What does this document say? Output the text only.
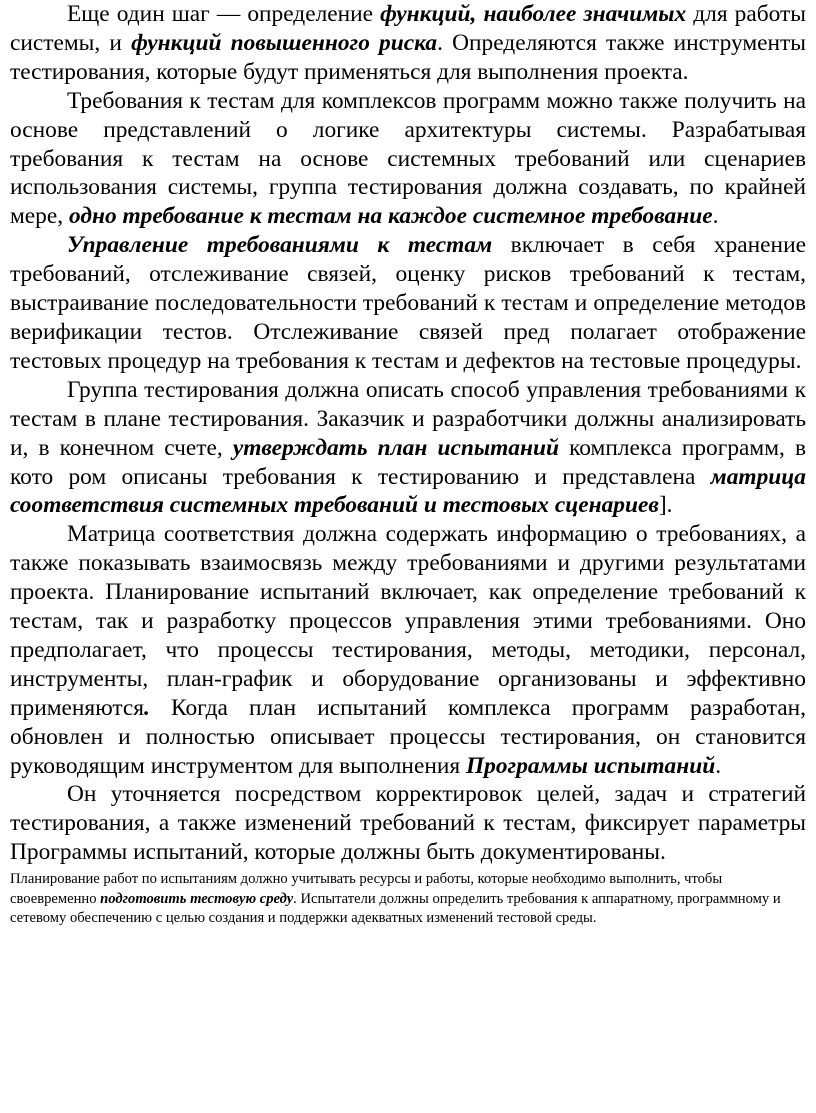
Еще один шаг — определение функций, наиболее значимых для работы системы, и функций повышенного риска. Определяются также инструменты тестирования, которые будут применяться для выполнения проекта.

Требования к тестам для комплексов программ можно также получить на основе представлений о логике архитектуры системы. Разрабатывая требования к тестам на основе системных требований или сценариев использования системы, группа тестирования должна создавать, по крайней мере, одно требование к тестам на каждое системное требование.

Управление требованиями к тестам включает в себя хранение требований, отслеживание связей, оценку рисков требований к тестам, выстраивание последовательности требований к тестам и определение методов верификации тестов. Отслеживание связей пред полагает отображение тестовых процедур на требования к тестам и дефектов на тестовые процедуры.

Группа тестирования должна описать способ управления требованиями к тестам в плане тестирования. Заказчик и разработчики должны анализировать и, в конечном счете, утверждать план испытаний комплекса программ, в кото ром описаны требования к тестированию и представлена матрица соответствия системных требований и тестовых сценариев].

Матрица соответствия должна содержать информацию о требованиях, а также показывать взаимосвязь между требованиями и другими результатами проекта. Планирование испытаний включает, как определение требований к тестам, так и разработку процессов управления этими требованиями. Оно предполагает, что процессы тестирования, методы, методики, персонал, инструменты, план-график и оборудование организованы и эффективно применяются. Когда план испытаний комплекса программ разработан, обновлен и полностью описывает процессы тестирования, он становится руководящим инструментом для выполнения Программы испытаний.

Он уточняется посредством корректировок целей, задач и стратегий тестирования, а также изменений требований к тестам, фиксирует параметры Программы испытаний, которые должны быть документированы.

Планирование работ по испытаниям должно учитывать ресурсы и работы, которые необходимо выполнить, чтобы своевременно подготовить тестовую среду. Испытатели должны определить требования к аппаратному, программному и сетевому обеспечению с целью создания и поддержки адекватных изменений тестовой среды.
